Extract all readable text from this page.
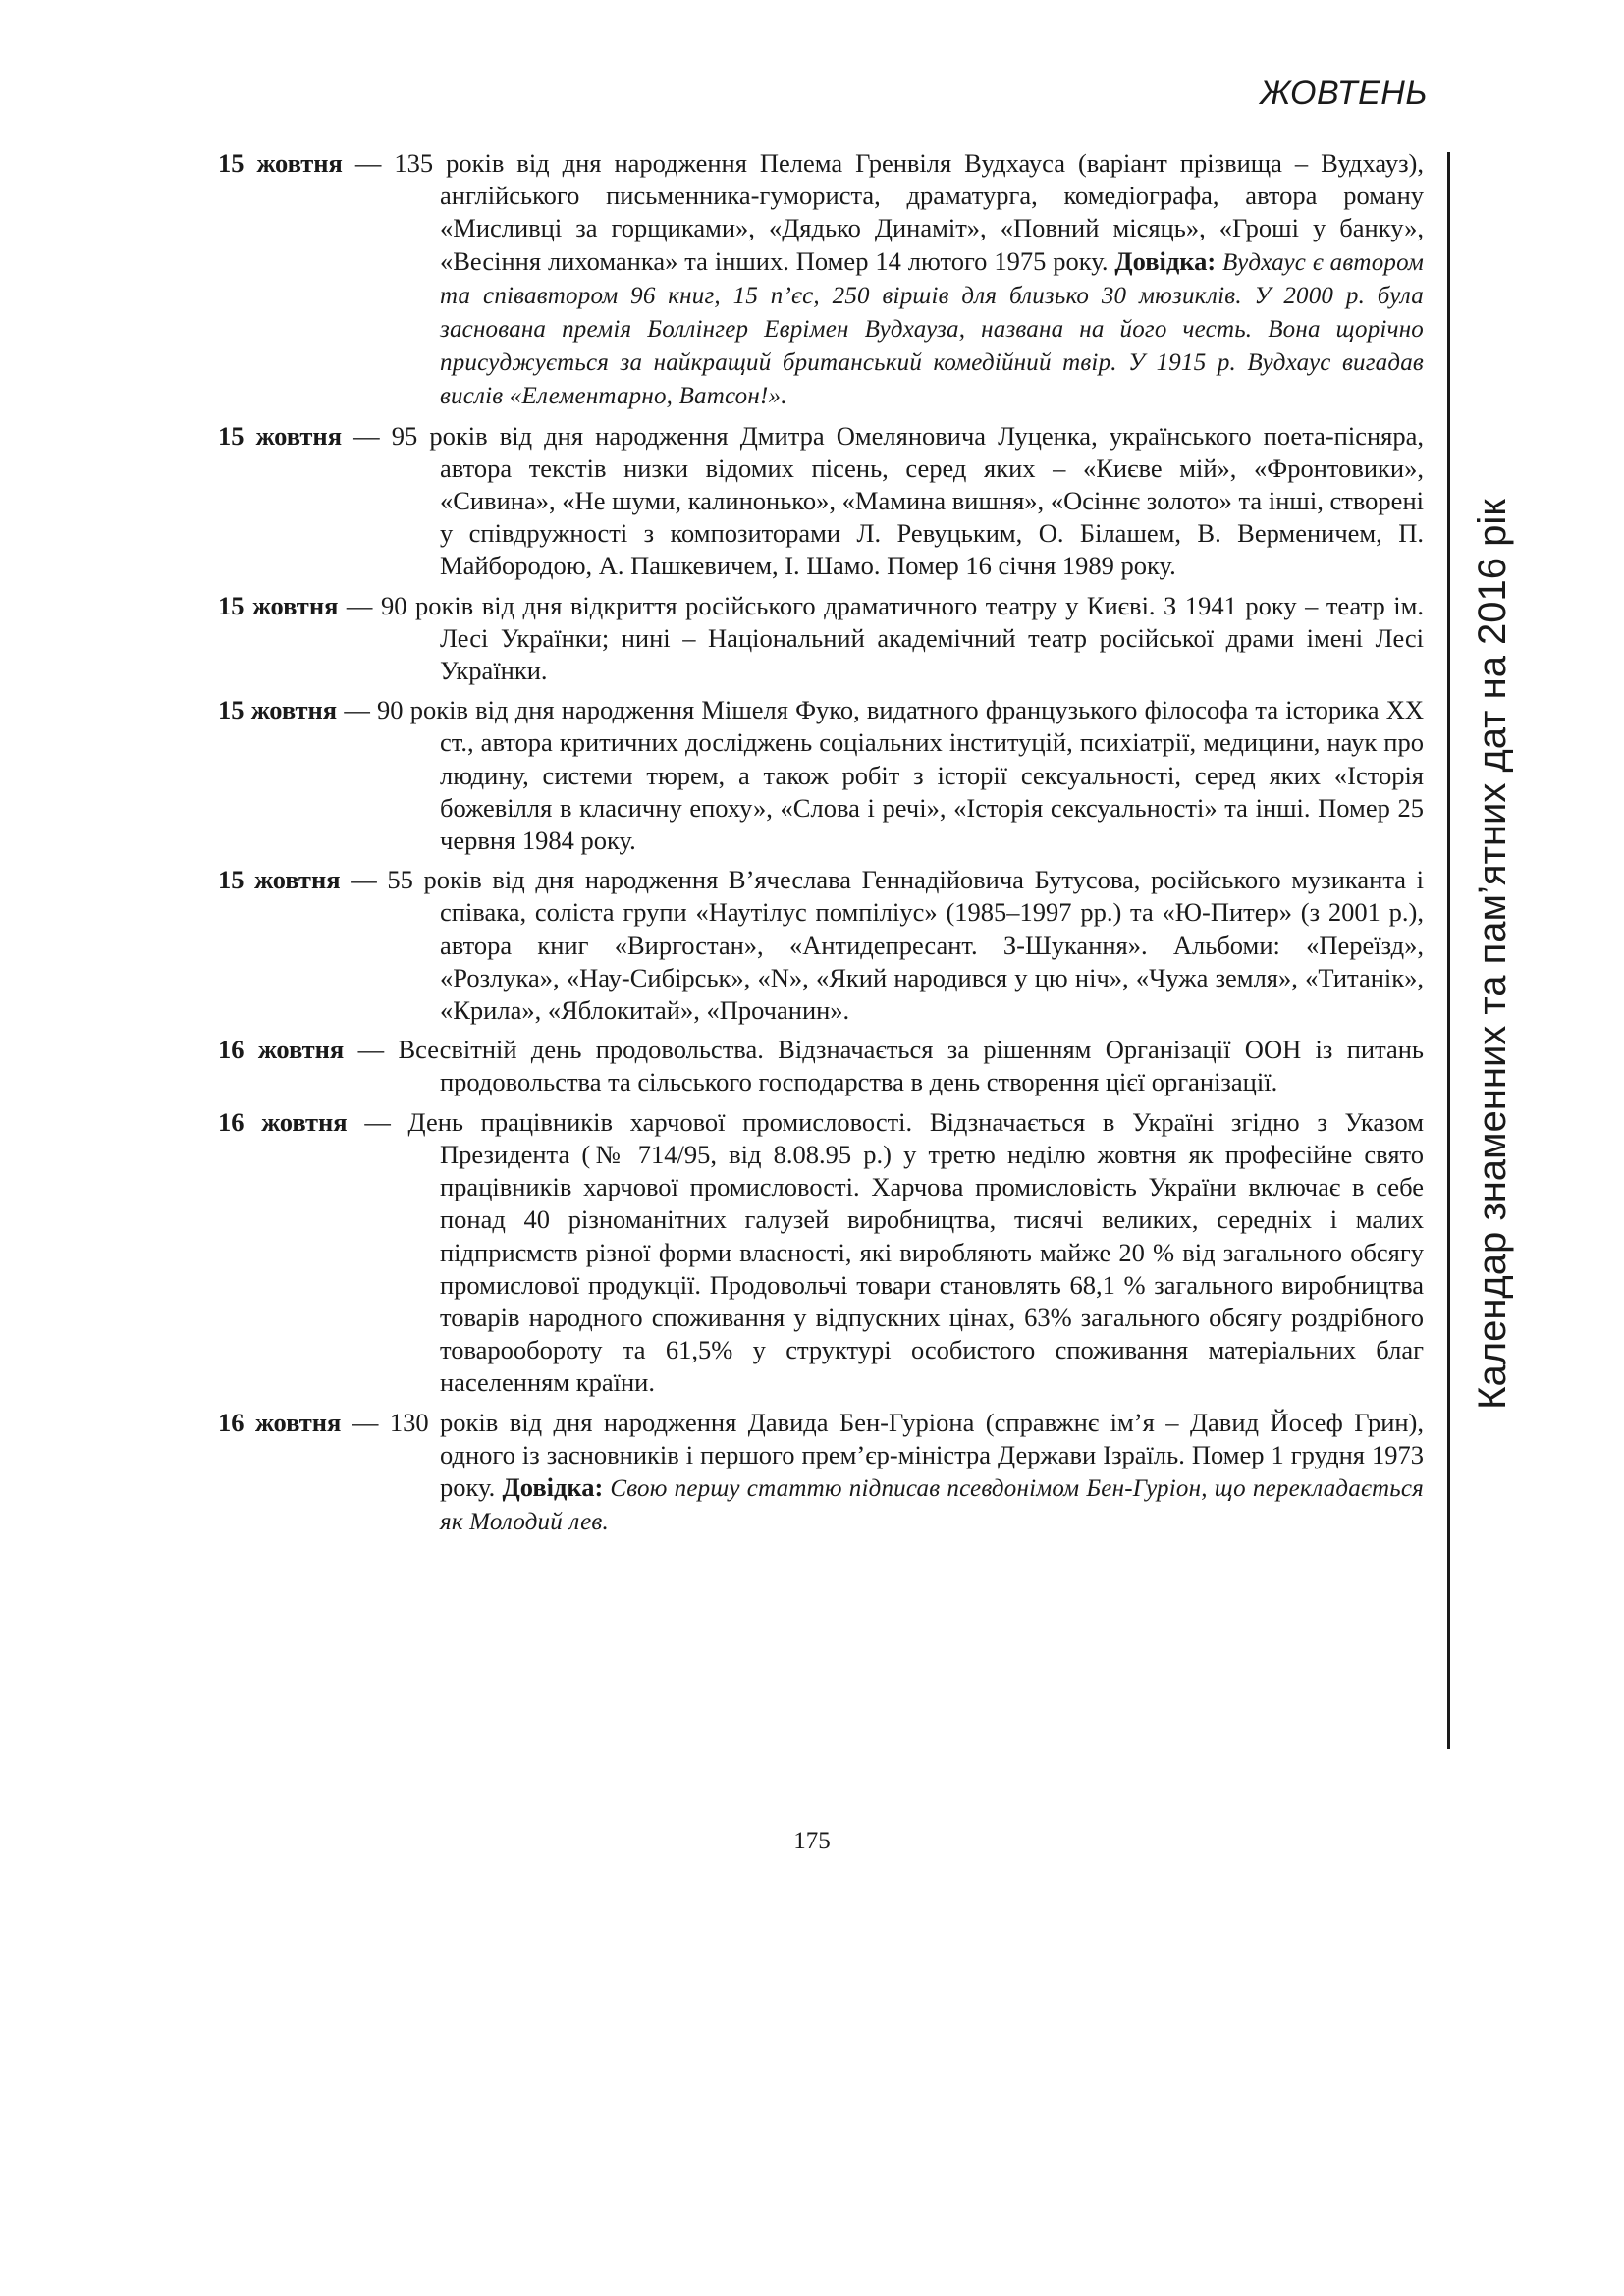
ЖОВТЕНЬ
Календар знаменних та пам’ятних дат на 2016 рік

15 жовтня — 135 років від дня народження Пелема Гренвіля Вудхауса (варіант прізвища – Вудхауз), англійського письменника-гумориста, драматурга, комедіографа, автора роману «Мисливці за горщиками», «Дядько Динаміт», «Повний місяць», «Гроші у банку», «Весіння лихоманка» та інших. Помер 14 лютого 1975 року. Довідка: Вудхаус є автором та співавтором 96 книг, 15 п’єс, 250 віршів для близько 30 мюзиклів. У 2000 р. була заснована премія Боллінгер Еврімен Вудхауза, названа на його честь. Вона щорічно присуджується за найкращий британський комедійний твір. У 1915 р. Вудхаус вигадав вислів «Елементарно, Ватсон!».

15 жовтня — 95 років від дня народження Дмитра Омеляновича Луценка, українського поета-пісняра, автора текстів низки відомих пісень, серед яких – «Києве мій», «Фронтовики», «Сивина», «Не шуми, калинонько», «Мамина вишня», «Осіннє золото» та інші, створені у співдружності з композиторами Л. Ревуцьким, О. Білашем, В. Верменичем, П. Майбородою, А. Пашкевичем, І. Шамо. Помер 16 січня 1989 року.

15 жовтня — 90 років від дня відкриття російського драматичного театру у Києві. З 1941 року – театр ім. Лесі Українки; нині – Національний академічний театр російської драми імені Лесі Українки.

15 жовтня — 90 років від дня народження Мішеля Фуко, видатного французького філософа та історика XX ст., автора критичних досліджень соціальних інституцій, психіатрії, медицини, наук про людину, системи тюрем, а також робіт з історії сексуальності, серед яких «Історія божевілля в класичну епоху», «Слова і речі», «Історія сексуальності» та інші. Помер 25 червня 1984 року.

15 жовтня — 55 років від дня народження В’ячеслава Геннадійовича Бутусова, російського музиканта і співака, соліста групи «Наутілус помпіліус» (1985–1997 рр.) та «Ю-Питер» (з 2001 р.), автора книг «Виргостан», «Антидепресант. З-Шукання». Альбоми: «Переїзд», «Розлука», «Нау-Сибірськ», «N», «Який народився у цю ніч», «Чужа земля», «Титанік», «Крила», «Яблокитай», «Прочанин».

16 жовтня — Всесвітній день продовольства. Відзначається за рішенням Організації ООН із питань продовольства та сільського господарства в день створення цієї організації.

16 жовтня — День працівників харчової промисловості. Відзначається в Україні згідно з Указом Президента (№ 714/95, від 8.08.95 р.) у третю неділю жовтня як професійне свято працівників харчової промисловості. Харчова промисловість України включає в себе понад 40 різноманітних галузей виробництва, тисячі великих, середніх і малих підприємств різної форми власності, які виробляють майже 20 % від загального обсягу промислової продукції. Продовольчі товари становлять 68,1 % загального виробництва товарів народного споживання у відпускних цінах, 63% загального обсягу роздрібного товарообороту та 61,5% у структурі особистого споживання матеріальних благ населенням країни.

16 жовтня — 130 років від дня народження Давида Бен-Гуріона (справжнє ім’я – Давид Йосеф Грин), одного із засновників і першого прем’єр-міністра Держави Ізраїль. Помер 1 грудня 1973 року. Довідка: Свою першу статтю підписав псевдонімом Бен-Гуріон, що перекладається як Молодий лев.

175
